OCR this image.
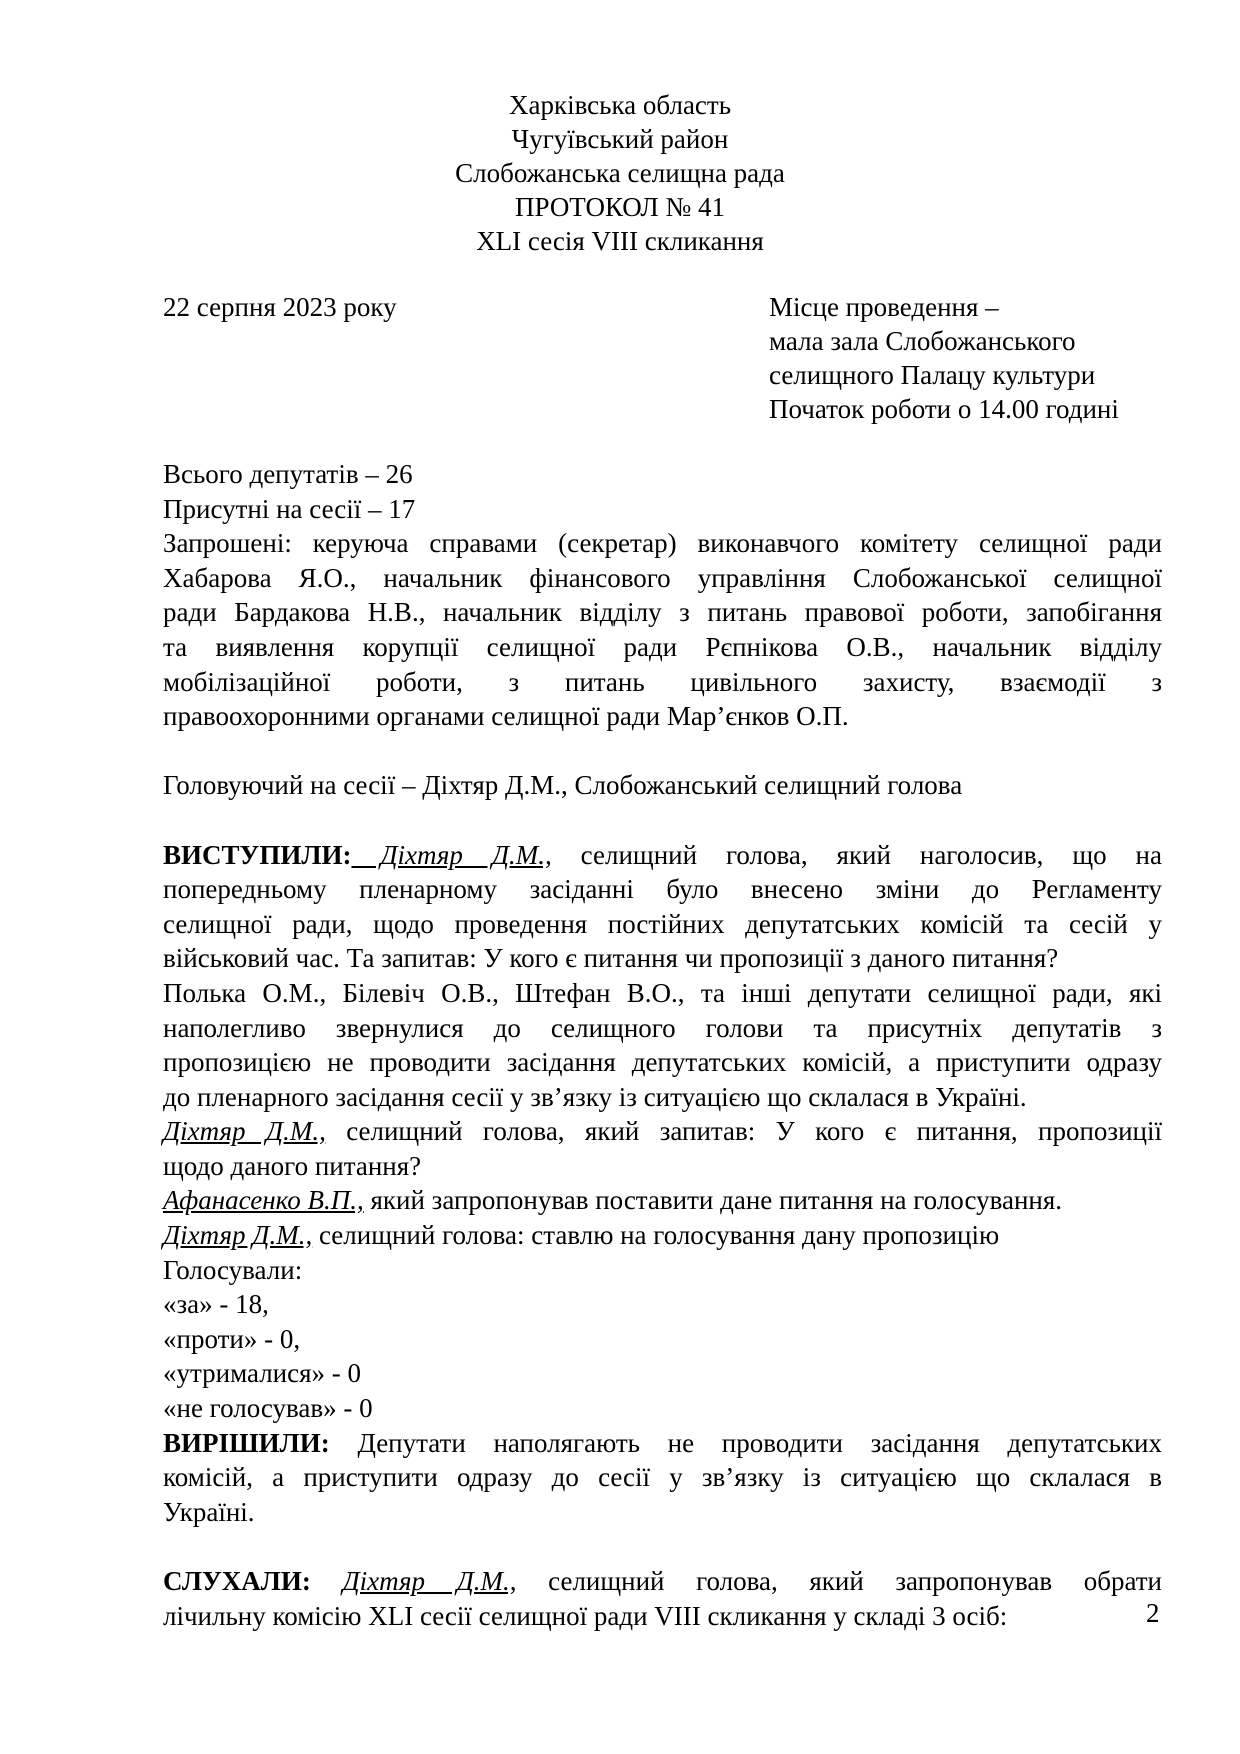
Харківська область
Чугуївський район
Слобожанська селищна рада
ПРОТОКОЛ № 41
XLI сесія VIII скликання
22 серпня 2023 року	Місце проведення –
мала зала Слобожанського
селищного Палацу культури
Початок роботи о 14.00 годині
Всього депутатів – 26
Присутні на сесії – 17
Запрошені: керуюча справами (секретар) виконавчого комітету селищної ради
Хабарова Я.О., начальник фінансового управління Слобожанської селищної
ради Бардакова Н.В., начальник відділу з питань правової роботи, запобігання
та виявлення корупції селищної ради Рєпнікова О.В., начальник відділу
мобілізаційної роботи, з питань цивільного захисту, взаємодії з
правоохоронними органами селищної ради Мар’єнков О.П.
Головуючий на сесії – Діхтяр Д.М., Слобожанський селищний голова
ВИСТУПИЛИ: Діхтяр Д.М., селищний голова, який наголосив, що на
попередньому пленарному засіданні було внесено зміни до Регламенту
селищної ради, щодо проведення постійних депутатських комісій та сесій у
військовий час. Та запитав: У кого є питання чи пропозиції з даного питання?
Полька О.М., Білевіч О.В., Штефан В.О., та інші депутати селищної ради, які
наполегливо звернулися до селищного голови та присутніх депутатів з
пропозицією не проводити засідання депутатських комісій, а приступити одразу
до пленарного засідання сесії у зв’язку із ситуацією що склалася в Україні.
Діхтяр Д.М., селищний голова, який запитав: У кого є питання, пропозиції
щодо даного питання?
Афанасенко В.П., який запропонував поставити дане питання на голосування.
Діхтяр Д.М., селищний голова: ставлю на голосування дану пропозицію
Голосували:
«за» - 18,
«проти» - 0,
«утрималися» - 0
«не голосував» - 0
ВИРІШИЛИ: Депутати наполягають не проводити засідання депутатських
комісій, а приступити одразу до сесії у зв’язку із ситуацією що склалася в
Україні.
СЛУХАЛИ: Діхтяр Д.М., селищний голова, який запропонував обрати
лічильну комісію XLI сесії селищної ради VIII скликання у складі 3 осіб:	2
